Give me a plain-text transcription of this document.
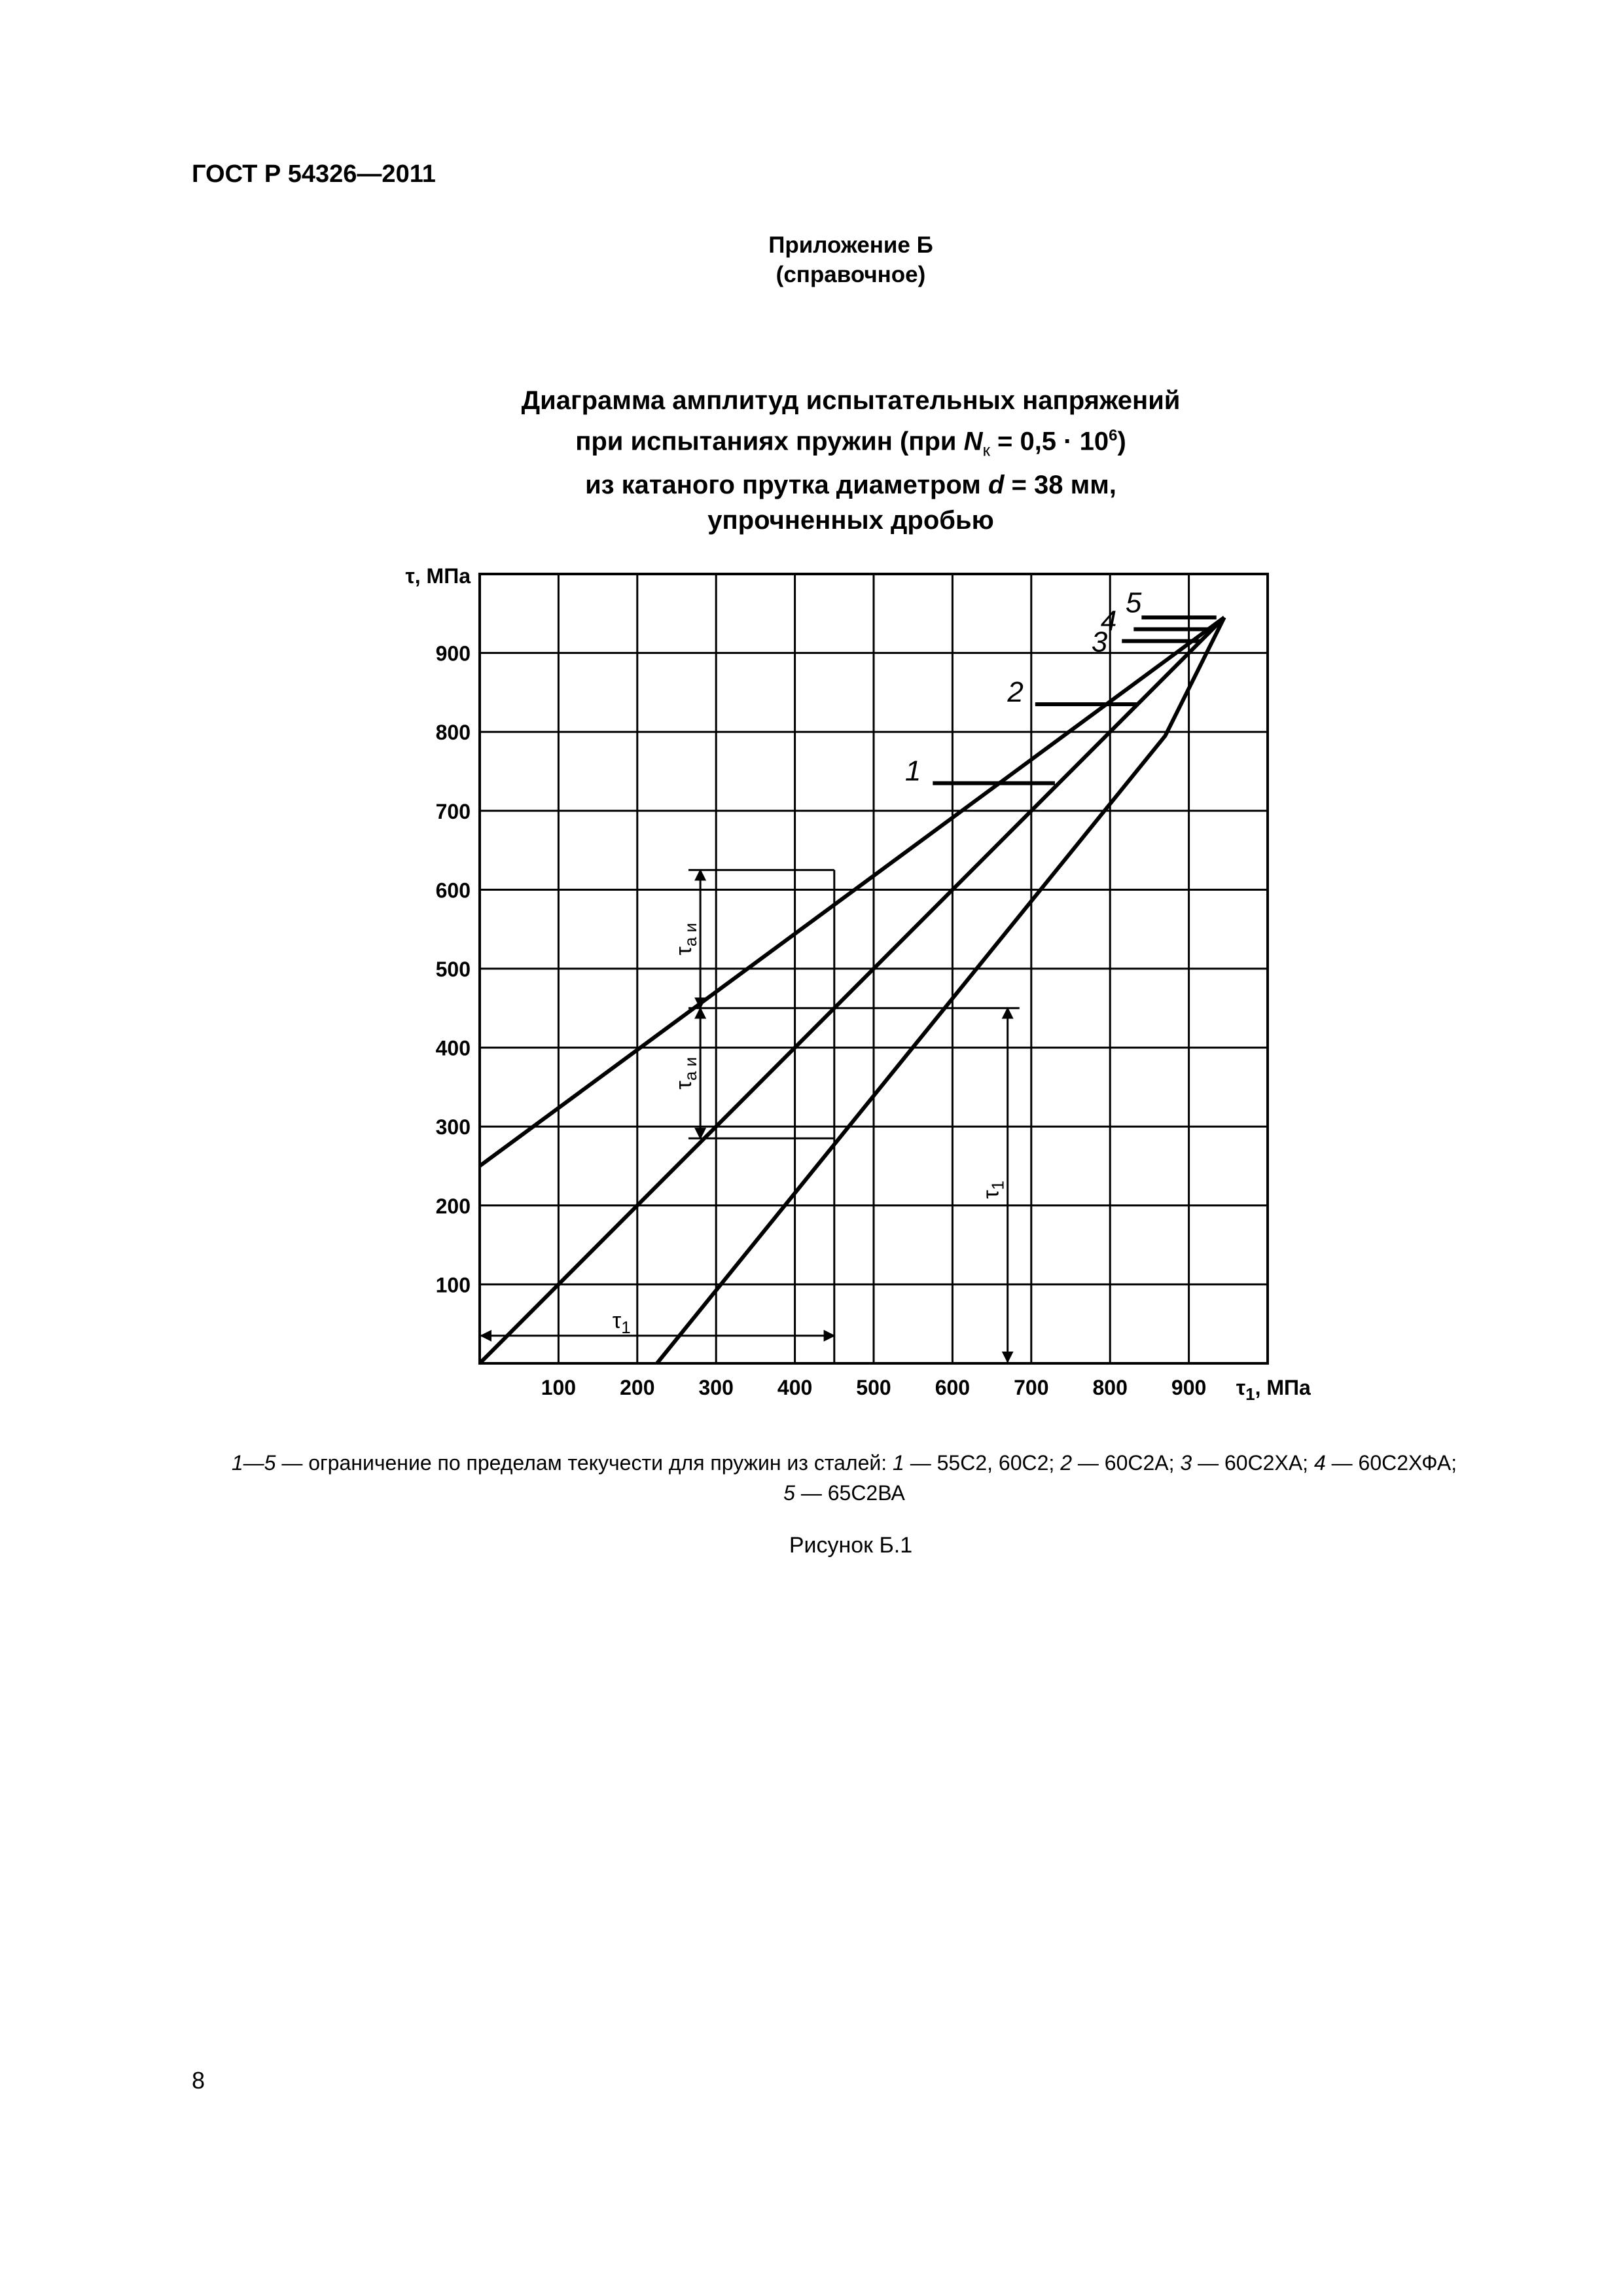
ГОСТ Р 54326—2011
Приложение Б
(справочное)
Диаграмма амплитуд испытательных напряжений
при испытаниях пружин (при $N_к = 0,5 \cdot 10^6$)
из катаного прутка диаметром d = 38 мм,
упрочненных дробью
1
2
3
4
5
$\tau_{а и}$
$\tau_{а и}$
$\tau_1$
$\tau_1$
100 200 300 400 500 600 700 800 900
100
200
300
400
500
600
700
800
900
τ, МПа
$\tau_1$, МПа
1—5 — ограничение по пределам текучести для пружин из сталей: 1 — 55С2, 60С2; 2 — 60С2А; 3 — 60С2ХА; 4 — 60С2ХФА;
5 — 65С2ВА
Рисунок Б.1
8
